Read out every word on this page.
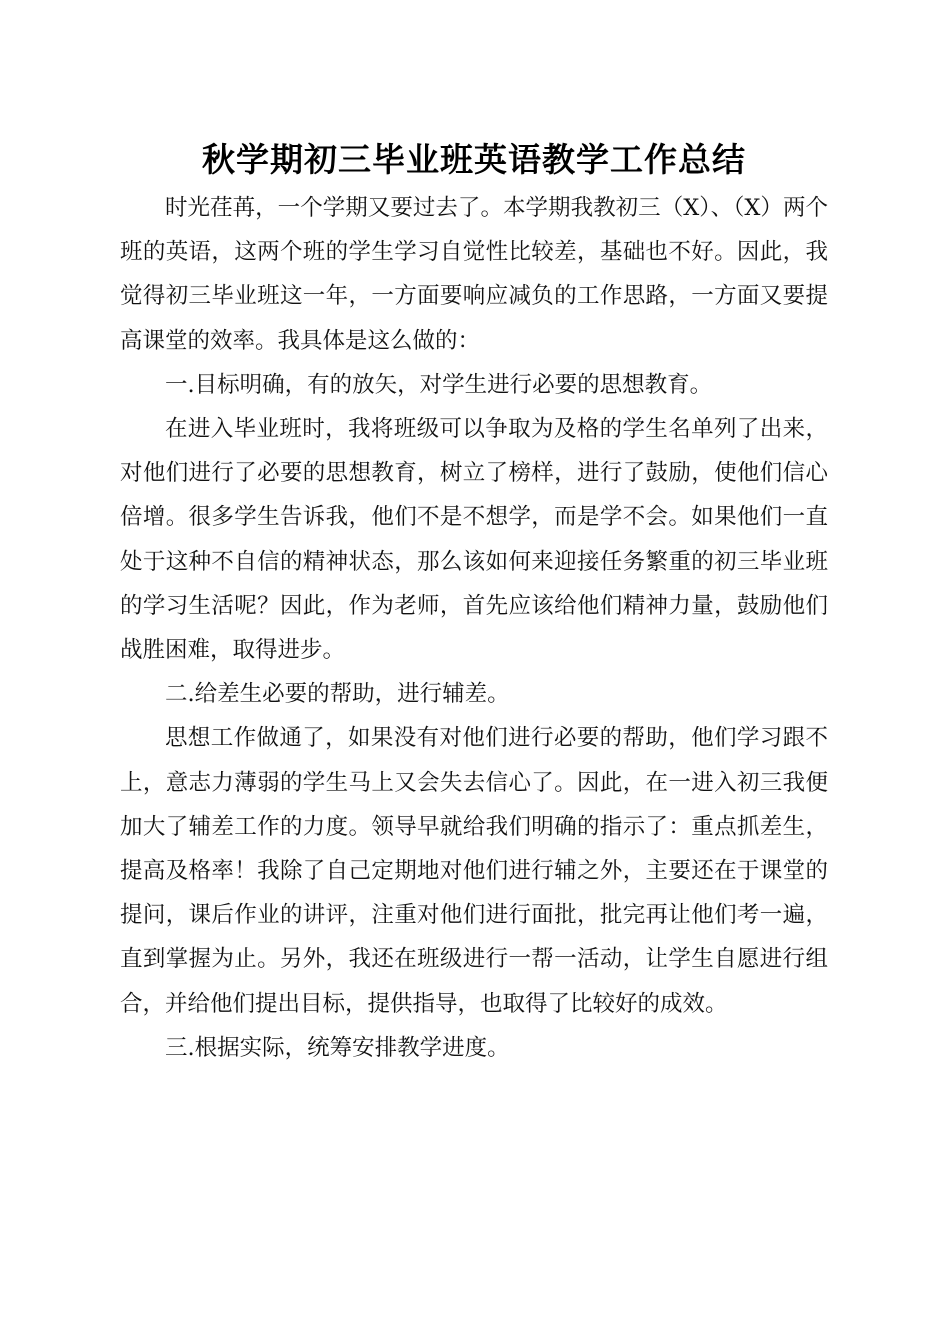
秋学期初三毕业班英语教学工作总结

时光荏苒，一个学期又要过去了。本学期我教初三（X）、（X）两个班的英语，这两个班的学生学习自觉性比较差，基础也不好。因此，我觉得初三毕业班这一年，一方面要响应减负的工作思路，一方面又要提高课堂的效率。我具体是这么做的：

一.目标明确，有的放矢，对学生进行必要的思想教育。

在进入毕业班时，我将班级可以争取为及格的学生名单列了出来，对他们进行了必要的思想教育，树立了榜样，进行了鼓励，使他们信心倍增。很多学生告诉我，他们不是不想学，而是学不会。如果他们一直处于这种不自信的精神状态，那么该如何来迎接任务繁重的初三毕业班的学习生活呢？因此，作为老师，首先应该给他们精神力量，鼓励他们战胜困难，取得进步。

二.给差生必要的帮助，进行辅差。

思想工作做通了，如果没有对他们进行必要的帮助，他们学习跟不上，意志力薄弱的学生马上又会失去信心了。因此，在一进入初三我便加大了辅差工作的力度。领导早就给我们明确的指示了：重点抓差生，提高及格率！我除了自己定期地对他们进行辅之外，主要还在于课堂的提问，课后作业的讲评，注重对他们进行面批，批完再让他们考一遍，直到掌握为止。另外，我还在班级进行一帮一活动，让学生自愿进行组合，并给他们提出目标，提供指导，也取得了比较好的成效。

三.根据实际，统筹安排教学进度。
